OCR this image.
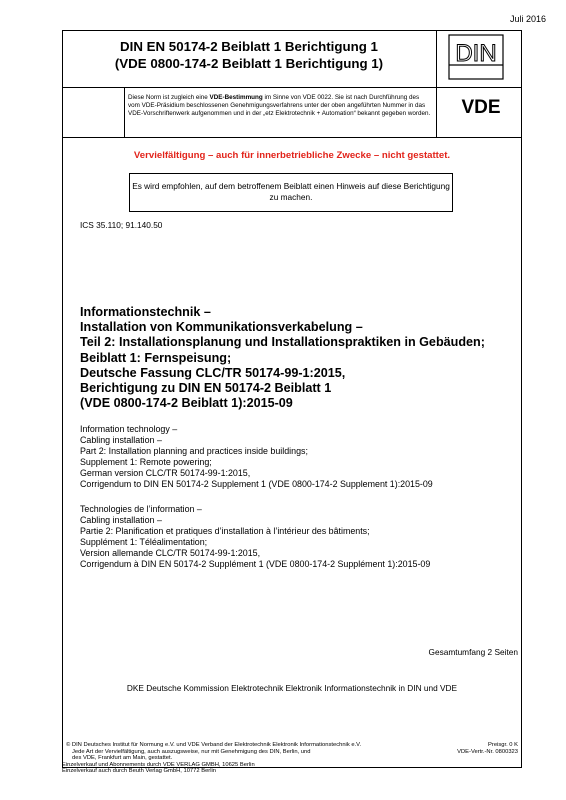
Juli 2016
DIN EN 50174-2 Beiblatt 1 Berichtigung 1
(VDE 0800-174-2 Beiblatt 1 Berichtigung 1)	DIN
Diese Norm ist zugleich eine VDE-Bestimmung im Sinne von VDE 0022. Sie ist nach Durchführung des vom VDE-Präsidium beschlossenen Genehmigungsverfahrens unter der oben angeführten Nummer in das VDE-Vorschriftenwerk aufgenommen und in der „etz Elektrotechnik + Automation“ bekannt gegeben worden. VDE
Vervielfältigung – auch für innerbetriebliche Zwecke – nicht gestattet.
Es wird empfohlen, auf dem betroffenem Beiblatt einen Hinweis auf diese Berichtigung zu machen.
ICS 35.110; 91.140.50
Informationstechnik –
Installation von Kommunikationsverkabelung –
Teil 2: Installationsplanung und Installationspraktiken in Gebäuden;
Beiblatt 1: Fernspeisung;
Deutsche Fassung CLC/TR 50174-99-1:2015,
Berichtigung zu DIN EN 50174-2 Beiblatt 1
(VDE 0800-174-2 Beiblatt 1):2015-09
Information technology –
Cabling installation –
Part 2: Installation planning and practices inside buildings;
Supplement 1: Remote powering;
German version CLC/TR 50174-99-1:2015,
Corrigendum to DIN EN 50174-2 Supplement 1 (VDE 0800-174-2 Supplement 1):2015-09
Technologies de l’information –
Cabling installation –
Partie 2: Planification et pratiques d’installation à l’intérieur des bâtiments;
Supplément 1: Téléalimentation;
Version allemande CLC/TR 50174-99-1:2015,
Corrigendum à DIN EN 50174-2 Supplément 1 (VDE 0800-174-2 Supplément 1):2015-09
Gesamtumfang 2 Seiten
DKE Deutsche Kommission Elektrotechnik Elektronik Informationstechnik in DIN und VDE
© DIN Deutsches Institut für Normung e.V. und VDE Verband der Elektrotechnik Elektronik Informationstechnik e.V.
Jede Art der Vervielfältigung, auch auszugsweise, nur mit Genehmigung des DIN, Berlin, und
des VDE, Frankfurt am Main, gestattet.
Einzelverkauf und Abonnements durch VDE VERLAG GMBH, 10625 Berlin
Einzelverkauf auch durch Beuth Verlag GmbH, 10772 Berlin
Preisgr. 0 K
VDE-Vertr.-Nr. 0800323
